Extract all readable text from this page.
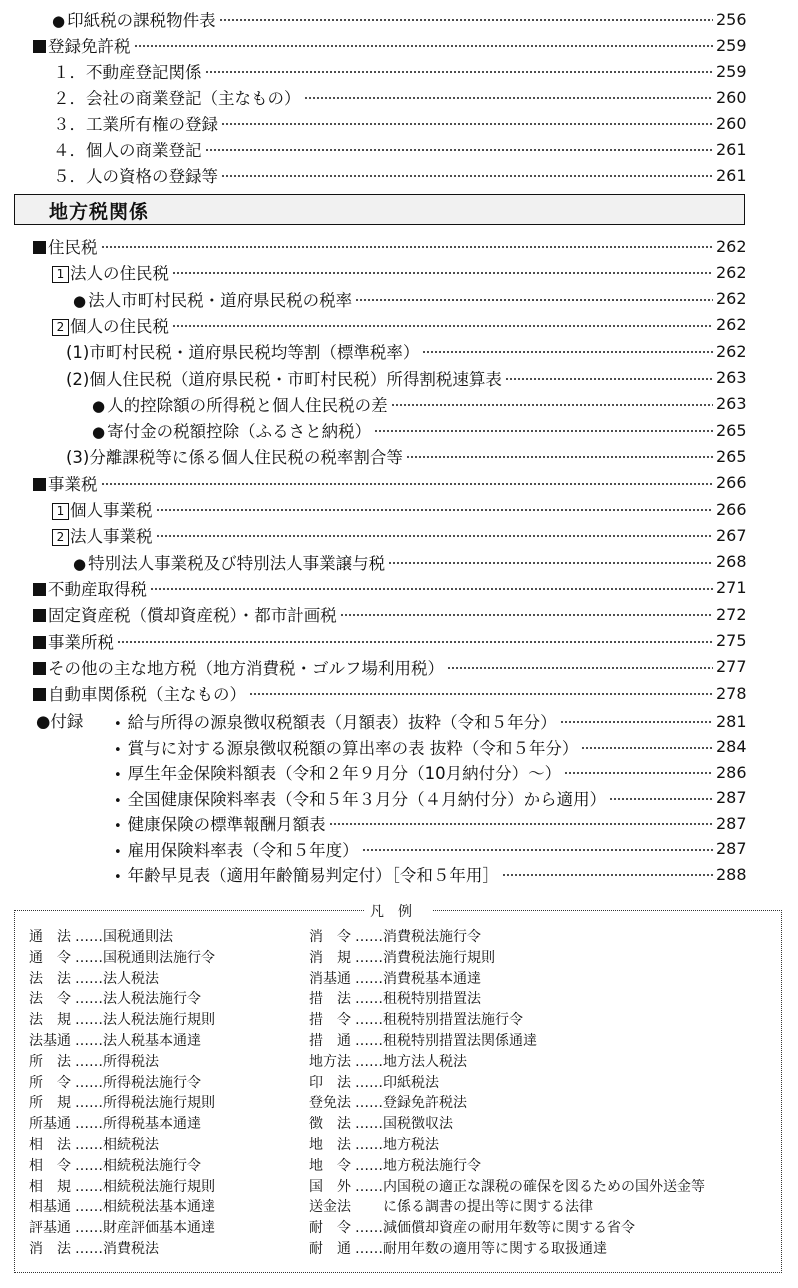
● 印紙税の課税物件表	256
登録免許税	259
１．不動産登記関係	259
２．会社の商業登記（主なもの）	260
３．工業所有権の登録	260
４．個人の商業登記	261
５．人の資格の登録等	261
住民税	262
1 法人の住民税	262
● 法人市町村民税・道府県民税の税率	262
2 個人の住民税	262
(1)市町村民税・道府県民税均等割（標準税率）	262
(2)個人住民税（道府県民税・市町村民税）所得割税速算表	263
● 人的控除額の所得税と個人住民税の差	263
● 寄付金の税額控除（ふるさと納税）	265
(3)分離課税等に係る個人住民税の税率割合等	265
事業税	266
1 個人事業税	266
2 法人事業税	267
● 特別法人事業税及び特別法人事業譲与税	268
不動産取得税	271
固定資産税（償却資産税）・都市計画税	272
事業所税	275
その他の主な地方税（地方消費税・ゴルフ場利用税）	277
自動車関係税（主なもの）	278
• 給与所得の源泉徴収税額表（月額表）抜粋（令和５年分）	281
• 賞与に対する源泉徴収税額の算出率の表 抜粋（令和５年分）	284
• 厚生年金保険料額表（令和２年９月分（10月納付分）～）	286
• 全国健康保険料率表（令和５年３月分（４月納付分）から適用）	287
• 健康保険の標準報酬月額表	287
• 雇用保険料率表（令和５年度）	287
• 年齢早見表（適用年齢簡易判定付）［令和５年用］	288
地方税関係
●付録
凡例
通　法 ……国税通則法
通　令 ……国税通則法施行令
法　法 ……法人税法
法　令 ……法人税法施行令
法　規 ……法人税法施行規則
法基通 ……法人税基本通達
所　法 ……所得税法
所　令 ……所得税法施行令
所　規 ……所得税法施行規則
所基通 ……所得税基本通達
相　法 ……相続税法
相　令 ……相続税法施行令
相　規 ……相続税法施行規則
相基通 ……相続税法基本通達
評基通 ……財産評価基本通達
消　法 ……消費税法
消　令 ……消費税法施行令
消　規 ……消費税法施行規則
消基通 ……消費税基本通達
措　法 ……租税特別措置法
措　令 ……租税特別措置法施行令
措　通 ……租税特別措置法関係通達
地方法 ……地方法人税法
印　法 ……印紙税法
登免法 ……登録免許税法
徴　法 ……国税徴収法
地　法 ……地方税法
地　令 ……地方税法施行令
国　外 ……内国税の適正な課税の確保を図るための国外送金等
送金法　　に係る調書の提出等に関する法律
耐　令 ……減価償却資産の耐用年数等に関する省令
耐　通 ……耐用年数の適用等に関する取扱通達
